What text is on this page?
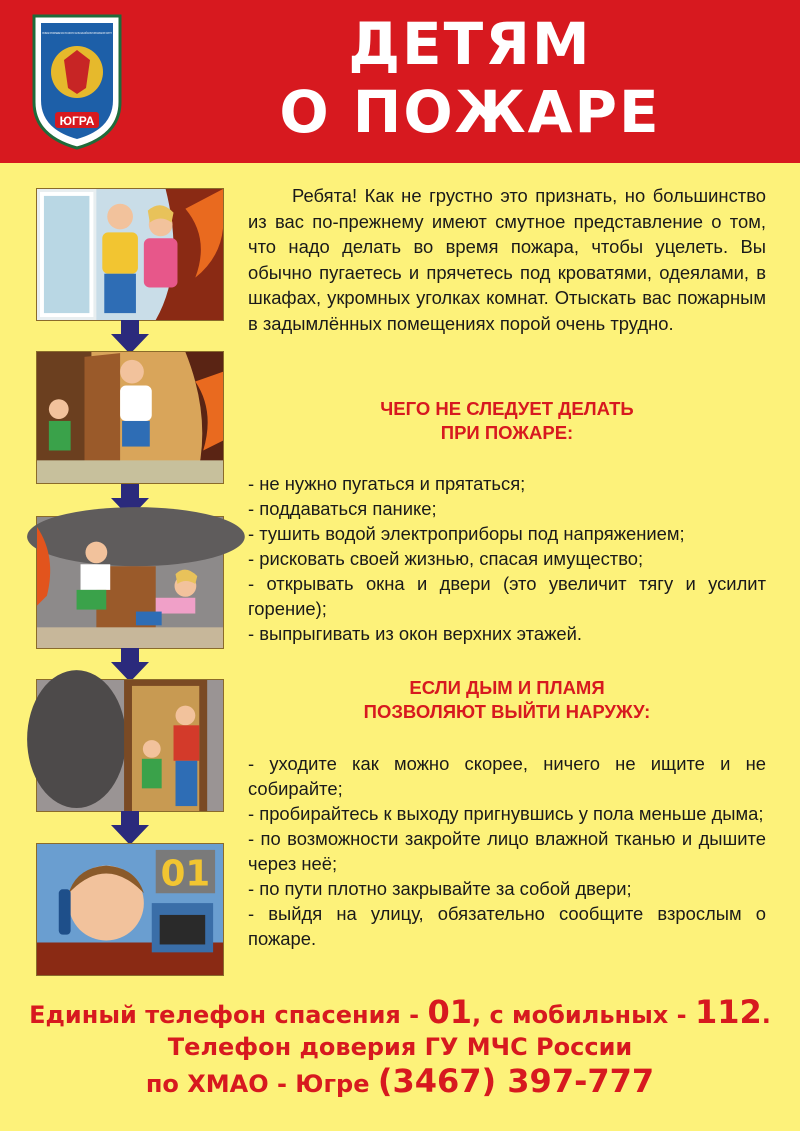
ЮГРА
ГЛАВНОЕ УПРАВЛЕНИЕ МЧС РОССИИ ПО ХАНТЫ-МАНСИЙСКОМУ АВТОНОМНОМУ ОКРУГУ	ДЕТЯМ
О ПОЖАРЕ
01

Ребята! Как не грустно это признать, но большинство из вас по-прежнему имеют смутное представление о том, что надо делать во время пожара, чтобы уцелеть. Вы обычно пугаетесь и прячетесь под кроватями, одеялами, в шкафах, укромных уголках комнат. Отыскать вас пожарным в задымлённых помещениях порой очень трудно.

ЧЕГО НЕ СЛЕДУЕТ ДЕЛАТЬ
ПРИ ПОЖАРЕ:
- не нужно пугаться и прятаться;
- поддаваться панике;
- тушить водой электроприборы под напряжением;
- рисковать своей жизнью, спасая имущество;
- открывать окна и двери (это увеличит тягу и усилит горение);
- выпрыгивать из окон верхних этажей.
ЕСЛИ ДЫМ И ПЛАМЯ
ПОЗВОЛЯЮТ ВЫЙТИ НАРУЖУ:
- уходите как можно скорее, ничего не ищите и не собирайте;
- пробирайтесь к выходу пригнувшись у пола меньше дыма;
- по возможности закройте лицо влажной тканью и дышите через неё;
- по пути плотно закрывайте за собой двери;
- выйдя на улицу, обязательно сообщите взрослым о пожаре.
Единый телефон спасения - 01, с мобильных - 112.
Телефон доверия ГУ МЧС России
по ХМАО - Югре (3467) 397-777
